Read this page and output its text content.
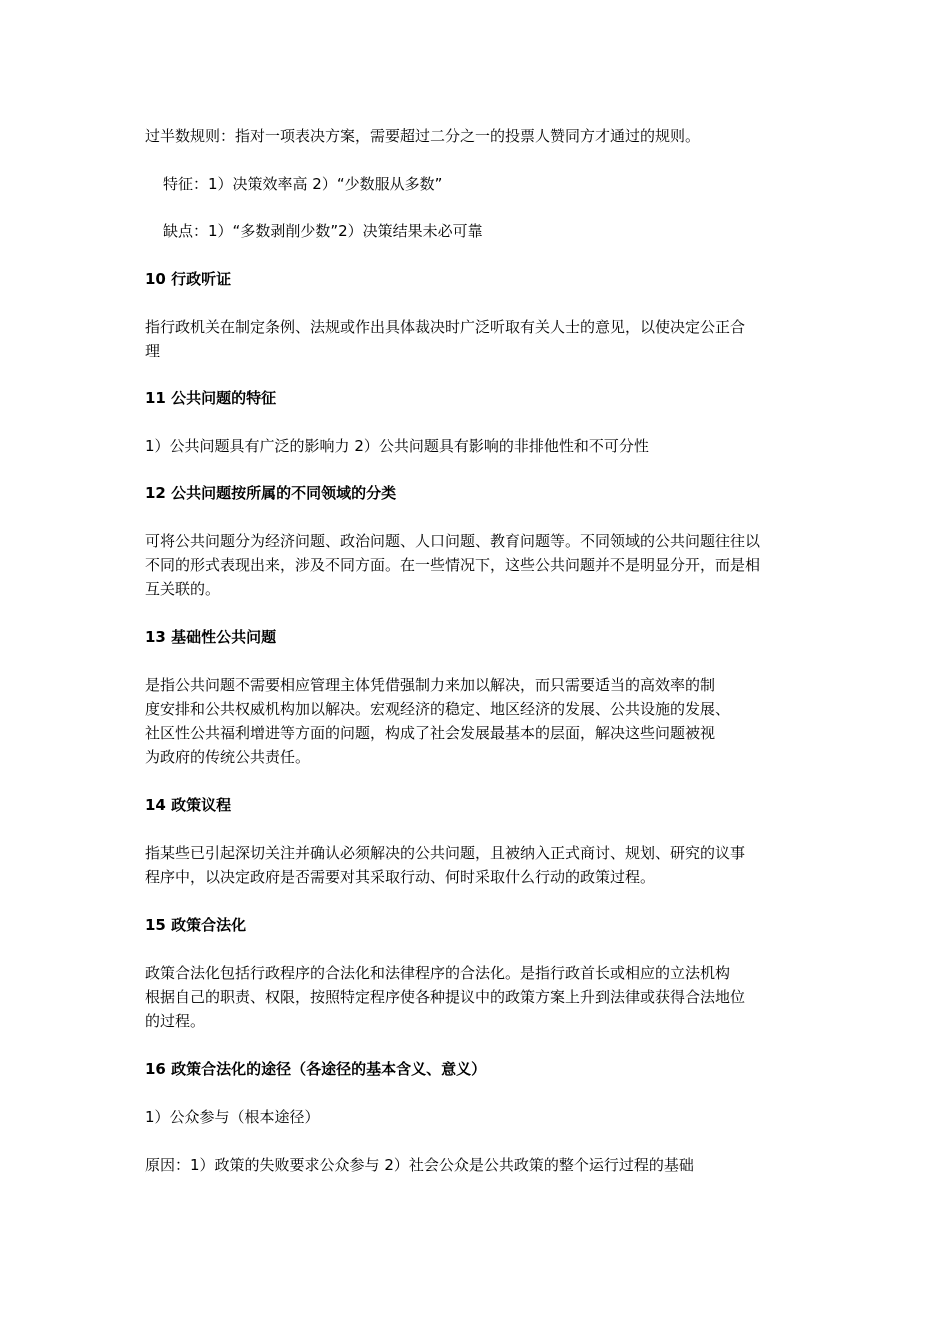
过半数规则：指对一项表决方案，需要超过二分之一的投票人赞同方才通过的规则。
特征：1）决策效率高 2）“少数服从多数”
缺点：1）“多数剥削少数”2）决策结果未必可靠
10 行政听证
指行政机关在制定条例、法规或作出具体裁决时广泛听取有关人士的意见，以使决定公正合
理
11 公共问题的特征
1）公共问题具有广泛的影响力 2）公共问题具有影响的非排他性和不可分性
12 公共问题按所属的不同领域的分类
可将公共问题分为经济问题、政治问题、人口问题、教育问题等。不同领域的公共问题往往以
不同的形式表现出来，涉及不同方面。在一些情况下，这些公共问题并不是明显分开，而是相
互关联的。
13 基础性公共问题
是指公共问题不需要相应管理主体凭借强制力来加以解决，而只需要适当的高效率的制
度安排和公共权威机构加以解决。宏观经济的稳定、地区经济的发展、公共设施的发展、
社区性公共福利增进等方面的问题，构成了社会发展最基本的层面，解决这些问题被视
为政府的传统公共责任。
14 政策议程
指某些已引起深切关注并确认必须解决的公共问题，且被纳入正式商讨、规划、研究的议事
程序中，以决定政府是否需要对其采取行动、何时采取什么行动的政策过程。
15 政策合法化
政策合法化包括行政程序的合法化和法律程序的合法化。是指行政首长或相应的立法机构
根据自己的职责、权限，按照特定程序使各种提议中的政策方案上升到法律或获得合法地位
的过程。
16 政策合法化的途径（各途径的基本含义、意义）
1）公众参与（根本途径）
原因：1）政策的失败要求公众参与 2）社会公众是公共政策的整个运行过程的基础
